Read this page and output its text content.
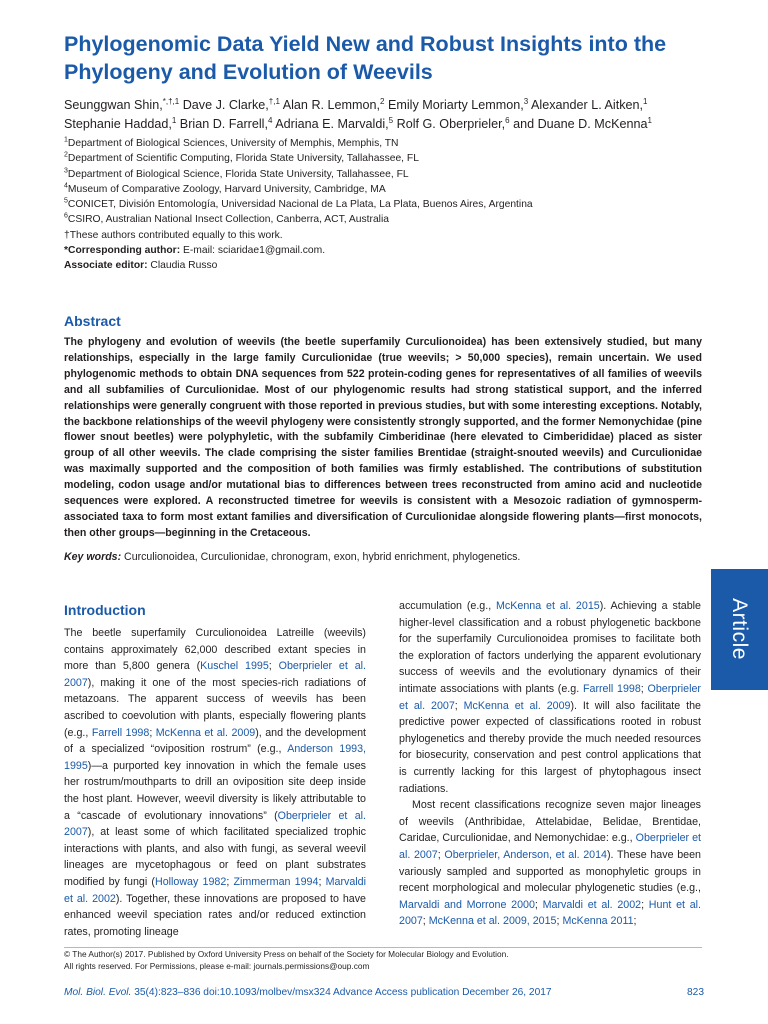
Phylogenomic Data Yield New and Robust Insights into the Phylogeny and Evolution of Weevils
Seunggwan Shin,$^{*,\dagger,1}$ Dave J. Clarke,$^{\dagger,1}$ Alan R. Lemmon,$^2$ Emily Moriarty Lemmon,$^3$ Alexander L. Aitken,$^1$
Stephanie Haddad,$^1$ Brian D. Farrell,$^4$ Adriana E. Marvaldi,$^5$ Rolf G. Oberprieler,$^6$ and Duane D. McKenna$^1$
$^1$Department of Biological Sciences, University of Memphis, Memphis, TN
$^2$Department of Scientific Computing, Florida State University, Tallahassee, FL
$^3$Department of Biological Science, Florida State University, Tallahassee, FL
$^4$Museum of Comparative Zoology, Harvard University, Cambridge, MA
$^5$CONICET, División Entomología, Universidad Nacional de La Plata, La Plata, Buenos Aires, Argentina
$^6$CSIRO, Australian National Insect Collection, Canberra, ACT, Australia
†These authors contributed equally to this work.
*Corresponding author: E-mail: sciaridae1@gmail.com.
Associate editor: Claudia Russo
Abstract

The phylogeny and evolution of weevils (the beetle superfamily Curculionoidea) has been extensively studied, but many relationships, especially in the large family Curculionidae (true weevils; > 50,000 species), remain uncertain. We used phylogenomic methods to obtain DNA sequences from 522 protein-coding genes for representatives of all families of weevils and all subfamilies of Curculionidae. Most of our phylogenomic results had strong statistical support, and the inferred relationships were generally congruent with those reported in previous studies, but with some interesting exceptions. Notably, the backbone relationships of the weevil phylogeny were consistently strongly supported, and the former Nemonychidae (pine flower snout beetles) were polyphyletic, with the subfamily Cimberidinae (here elevated to Cimberididae) placed as sister group of all other weevils. The clade comprising the sister families Brentidae (straight-snouted weevils) and Curculionidae was maximally supported and the composition of both families was firmly established. The contributions of substitution modeling, codon usage and/or mutational bias to differences between trees reconstructed from amino acid and nucleotide sequences were explored. A reconstructed timetree for weevils is consistent with a Mesozoic radiation of gymnosperm-associated taxa to form most extant families and diversification of Curculionidae alongside flowering plants—first monocots, then other groups—beginning in the Cretaceous.

Key words: Curculionoidea, Curculionidae, chronogram, exon, hybrid enrichment, phylogenetics.
Article
Introduction

The beetle superfamily Curculionoidea Latreille (weevils) contains approximately 62,000 described extant species in more than 5,800 genera (Kuschel 1995; Oberprieler et al. 2007), making it one of the most species-rich radiations of metazoans. The apparent success of weevils has been ascribed to coevolution with plants, especially flowering plants (e.g., Farrell 1998; McKenna et al. 2009), and the development of a specialized “oviposition rostrum” (e.g., Anderson 1993, 1995)—a purported key innovation in which the female uses her rostrum/mouthparts to drill an oviposition site deep inside the host plant. However, weevil diversity is likely attributable to a “cascade of evolutionary innovations” (Oberprieler et al. 2007), at least some of which facilitated specialized trophic interactions with plants, and also with fungi, as several weevil lineages are mycetophagous or feed on plant substrates modified by fungi (Holloway 1982; Zimmerman 1994; Marvaldi et al. 2002). Together, these innovations are proposed to have enhanced weevil speciation rates and/or reduced extinction rates, promoting lineage

accumulation (e.g., McKenna et al. 2015). Achieving a stable higher-level classification and a robust phylogenetic backbone for the superfamily Curculionoidea promises to facilitate both the exploration of factors underlying the apparent evolutionary success of weevils and the evolutionary dynamics of their intimate associations with plants (e.g. Farrell 1998; Oberprieler et al. 2007; McKenna et al. 2009). It will also facilitate the predictive power expected of classifications rooted in robust phylogenetics and thereby provide the much needed resources for biosecurity, conservation and pest control applications that is currently lacking for this largest of phytophagous insect radiations.

Most recent classifications recognize seven major lineages of weevils (Anthribidae, Attelabidae, Belidae, Brentidae, Caridae, Curculionidae, and Nemonychidae: e.g., Oberprieler et al. 2007; Oberprieler, Anderson, et al. 2014). These have been variously sampled and supported as monophyletic groups in recent morphological and molecular phylogenetic studies (e.g., Marvaldi and Morrone 2000; Marvaldi et al. 2002; Hunt et al. 2007; McKenna et al. 2009, 2015; McKenna 2011;

© The Author(s) 2017. Published by Oxford University Press on behalf of the Society for Molecular Biology and Evolution.
All rights reserved. For Permissions, please e-mail: journals.permissions@oup.com
Mol. Biol. Evol. 35(4):823–836 doi:10.1093/molbev/msx324 Advance Access publication December 26, 2017	823
